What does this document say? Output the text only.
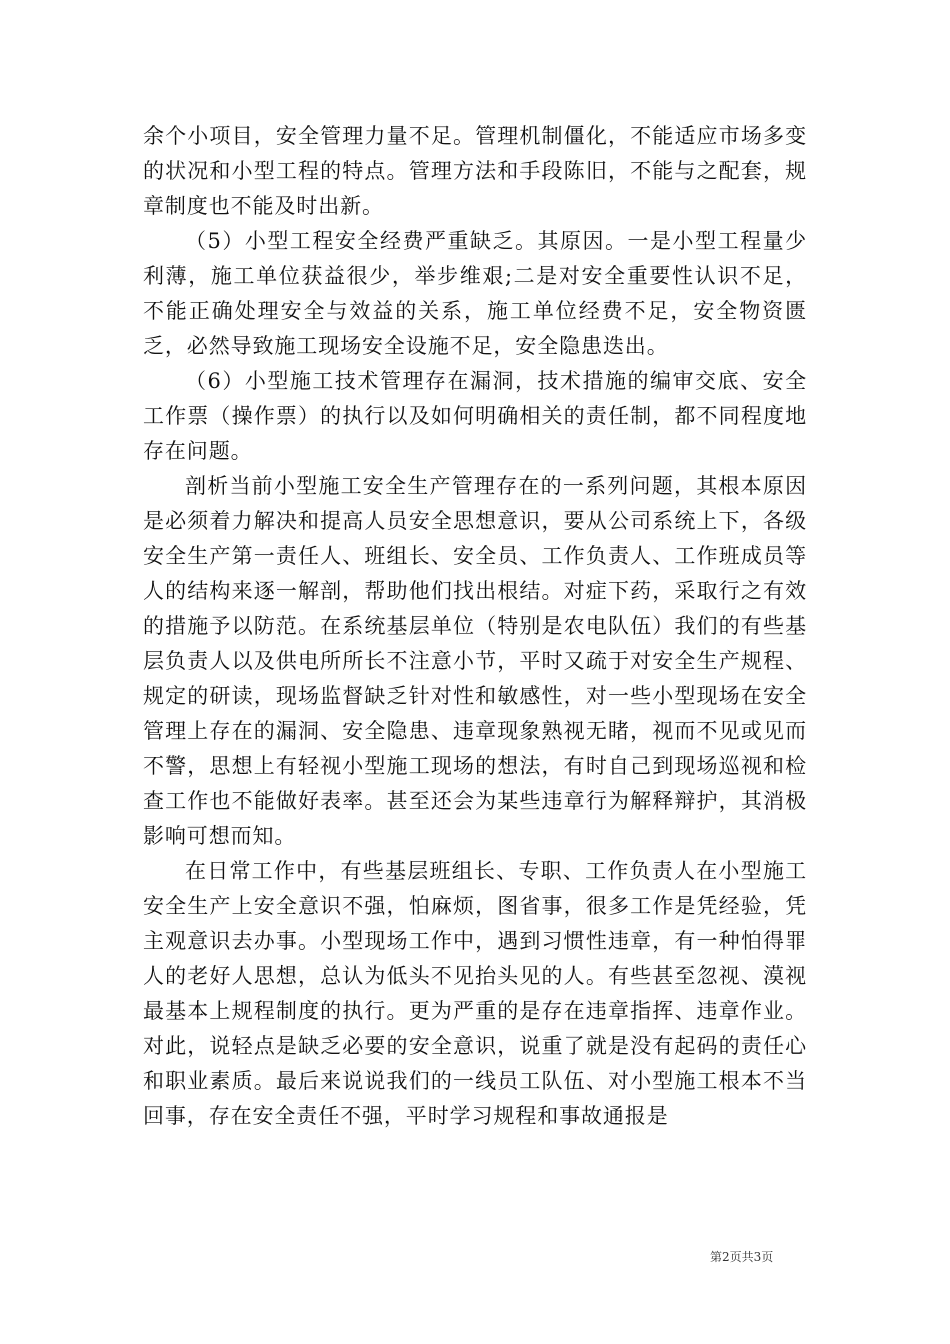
余个小项目，安全管理力量不足。管理机制僵化，不能适应市场多变的状况和小型工程的特点。管理方法和手段陈旧，不能与之配套，规章制度也不能及时出新。

（5）小型工程安全经费严重缺乏。其原因。一是小型工程量少利薄，施工单位获益很少，举步维艰;二是对安全重要性认识不足，不能正确处理安全与效益的关系，施工单位经费不足，安全物资匮乏，必然导致施工现场安全设施不足，安全隐患迭出。

（6）小型施工技术管理存在漏洞，技术措施的编审交底、安全工作票（操作票）的执行以及如何明确相关的责任制，都不同程度地存在问题。

剖析当前小型施工安全生产管理存在的一系列问题，其根本原因是必须着力解决和提高人员安全思想意识，要从公司系统上下，各级安全生产第一责任人、班组长、安全员、工作负责人、工作班成员等人的结构来逐一解剖，帮助他们找出根结。对症下药，采取行之有效的措施予以防范。在系统基层单位（特别是农电队伍）我们的有些基层负责人以及供电所所长不注意小节，平时又疏于对安全生产规程、规定的研读，现场监督缺乏针对性和敏感性，对一些小型现场在安全管理上存在的漏洞、安全隐患、违章现象熟视无睹，视而不见或见而不警，思想上有轻视小型施工现场的想法，有时自己到现场巡视和检查工作也不能做好表率。甚至还会为某些违章行为解释辩护，其消极影响可想而知。

在日常工作中，有些基层班组长、专职、工作负责人在小型施工安全生产上安全意识不强，怕麻烦，图省事，很多工作是凭经验，凭主观意识去办事。小型现场工作中，遇到习惯性违章，有一种怕得罪人的老好人思想，总认为低头不见抬头见的人。有些甚至忽视、漠视最基本上规程制度的执行。更为严重的是存在违章指挥、违章作业。对此，说轻点是缺乏必要的安全意识，说重了就是没有起码的责任心和职业素质。最后来说说我们的一线员工队伍、对小型施工根本不当回事，存在安全责任不强，平时学习规程和事故通报是

第2页共3页
